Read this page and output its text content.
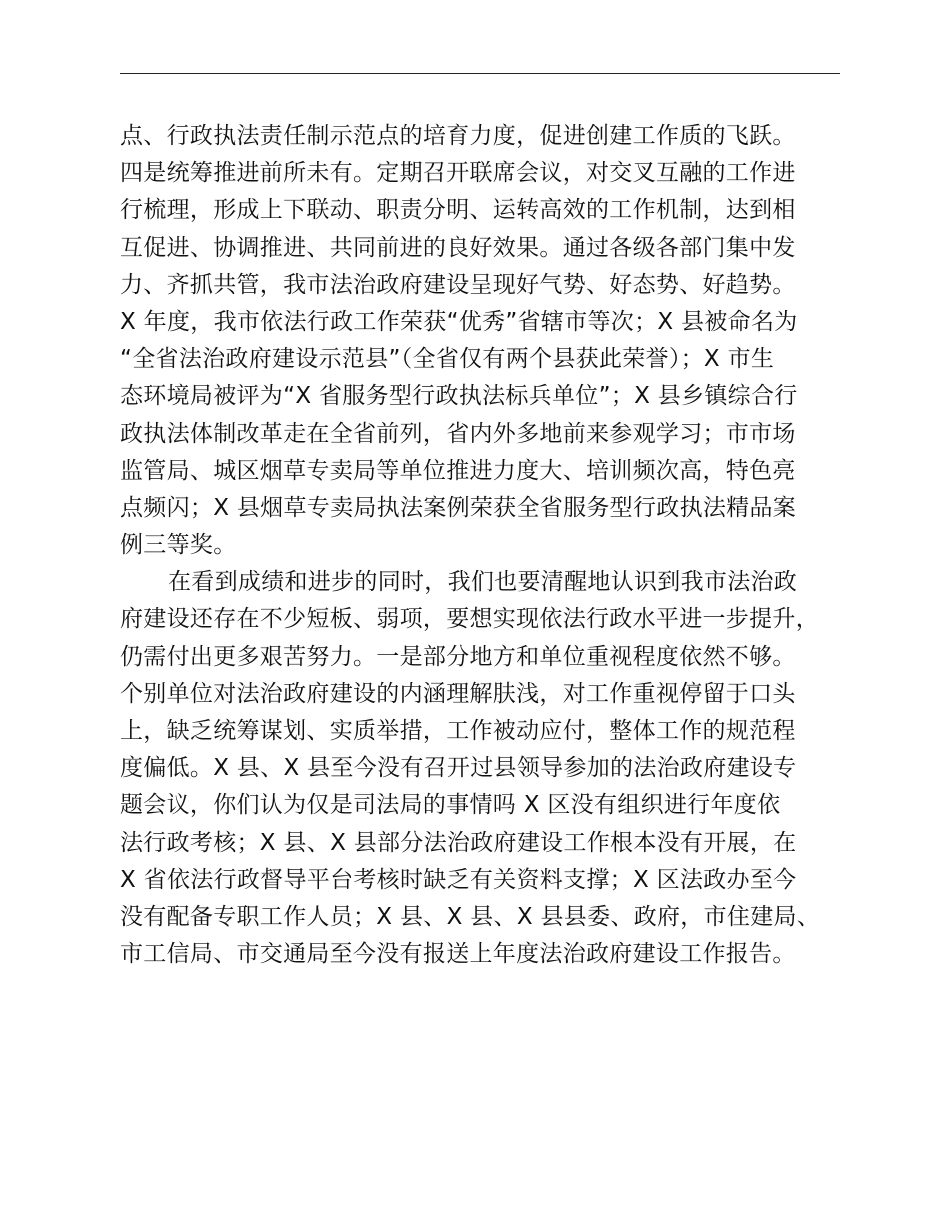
点、行政执法责任制示范点的培育力度，促进创建工作质的飞跃。
四是统筹推进前所未有。定期召开联席会议，对交叉互融的工作进
行梳理，形成上下联动、职责分明、运转高效的工作机制，达到相
互促进、协调推进、共同前进的良好效果。通过各级各部门集中发
力、齐抓共管，我市法治政府建设呈现好气势、好态势、好趋势。
X 年度，我市依法行政工作荣获“优秀”省辖市等次；X 县被命名为
“全省法治政府建设示范县”（全省仅有两个县获此荣誉）；X 市生
态环境局被评为“X 省服务型行政执法标兵单位”；X 县乡镇综合行
政执法体制改革走在全省前列，省内外多地前来参观学习；市市场
监管局、城区烟草专卖局等单位推进力度大、培训频次高，特色亮
点频闪；X 县烟草专卖局执法案例荣获全省服务型行政执法精品案
例三等奖。
在看到成绩和进步的同时，我们也要清醒地认识到我市法治政
府建设还存在不少短板、弱项，要想实现依法行政水平进一步提升，
仍需付出更多艰苦努力。一是部分地方和单位重视程度依然不够。
个别单位对法治政府建设的内涵理解肤浅，对工作重视停留于口头
上，缺乏统筹谋划、实质举措，工作被动应付，整体工作的规范程
度偏低。X 县、X 县至今没有召开过县领导参加的法治政府建设专
题会议，你们认为仅是司法局的事情吗 X 区没有组织进行年度依
法行政考核；X 县、X 县部分法治政府建设工作根本没有开展，在
X 省依法行政督导平台考核时缺乏有关资料支撑；X 区法政办至今
没有配备专职工作人员；X 县、X 县、X 县县委、政府，市住建局、
市工信局、市交通局至今没有报送上年度法治政府建设工作报告。
